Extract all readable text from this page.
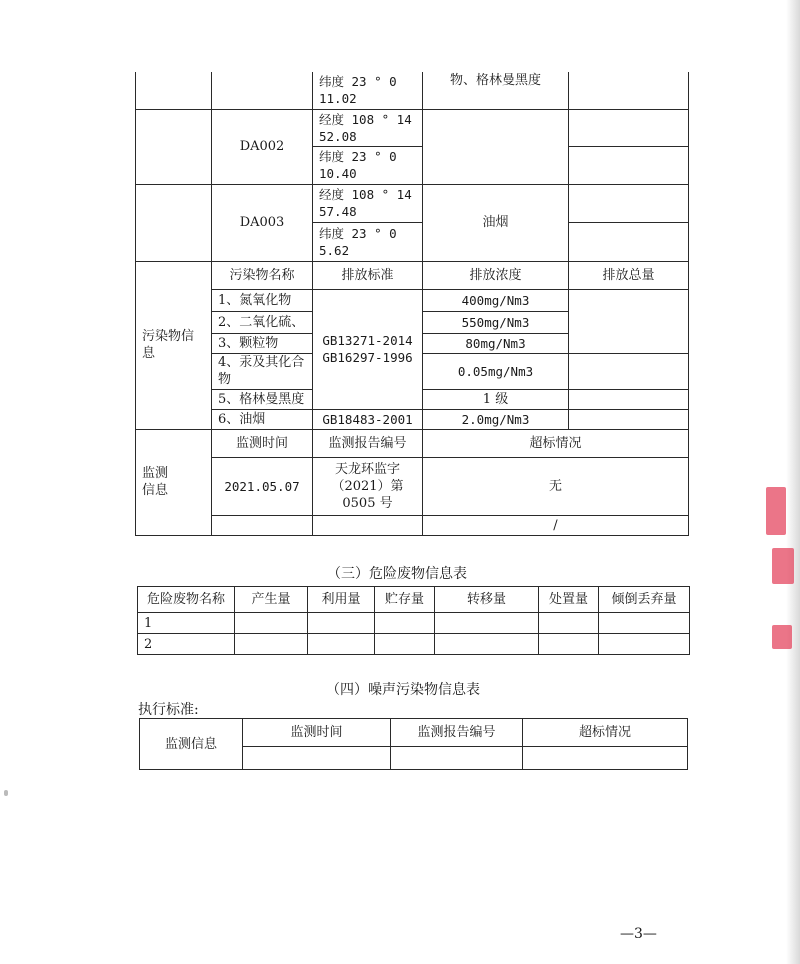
		纬度 23 ° 0
11.02	物、格林曼黑度	
	DA002	经度 108 ° 14
52.08		
		纬度 23 ° 0
10.40		
	DA003	经度 108 ° 14
57.48	油烟	
		纬度 23 ° 0
5.62		
污染物信
息	污染物名称	排放标准	排放浓度	排放总量
	1、氮氧化物	GB13271-2014
GB16297-1996	400mg/Nm3	
	2、二氧化硫、		550mg/Nm3	
	3、颗粒物		80mg/Nm3	
	4、汞及其化合
物		0.05mg/Nm3	
	5、格林曼黑度		1 级	
	6、油烟	GB18483-2001	2.0mg/Nm3	
监测
信息	监测时间	监测报告编号	超标情况	
	2021.05.07	天龙环监字
（2021）第
0505 号	无	
			/	
（三）危险废物信息表
危险废物名称	产生量	利用量	贮存量	转移量	处置量	倾倒丢弃量
1						
2						
（四）噪声污染物信息表
执行标准:
监测信息	监测时间	监测报告编号	超标情况

—3—
